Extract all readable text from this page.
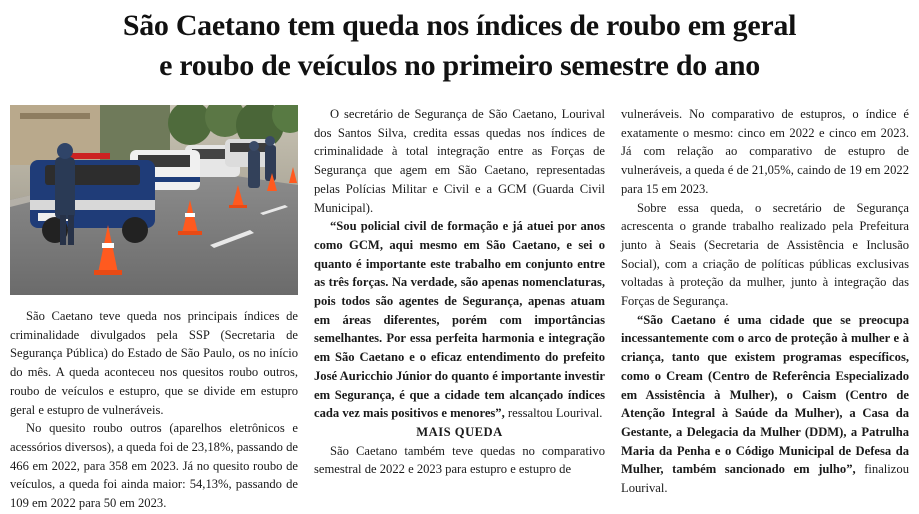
São Caetano tem queda nos índices de roubo em geral
e roubo de veículos no primeiro semestre do ano

São Caetano teve queda nos principais índices de criminalidade divulgados pela SSP (Secretaria de Segurança Pública) do Estado de São Paulo, os no início do mês. A queda aconteceu nos quesitos roubo outros, roubo de veículos e estupro, que se divide em estupro geral e estupro de vulneráveis.

No quesito roubo outros (aparelhos eletrônicos e acessórios diversos), a queda foi de 23,18%, passando de 466 em 2022, para 358 em 2023. Já no quesito roubo de veículos, a queda foi ainda maior: 54,13%, passando de 109 em 2022 para 50 em 2023.

O secretário de Segurança de São Caetano, Lourival dos Santos Silva, credita essas quedas nos índices de criminalidade à total integração entre as Forças de Segurança que agem em São Caetano, representadas pelas Polícias Militar e Civil e a GCM (Guarda Civil Municipal).

“Sou policial civil de formação e já atuei por anos como GCM, aqui mesmo em São Caetano, e sei o quanto é importante este trabalho em conjunto entre as três forças. Na verdade, são apenas nomenclaturas, pois todos são agentes de Segurança, apenas atuam em áreas diferentes, porém com importâncias semelhantes. Por essa perfeita harmonia e integração em São Caetano e o eficaz entendimento do prefeito José Auricchio Júnior do quanto é importante investir em Segurança, é que a cidade tem alcançado índices cada vez mais positivos e menores”, ressaltou Lourival.

MAIS QUEDA

São Caetano também teve quedas no comparativo semestral de 2022 e 2023 para estupro e estupro de

vulneráveis. No comparativo de estupros, o índice é exatamente o mesmo: cinco em 2022 e cinco em 2023. Já com relação ao comparativo de estupro de vulneráveis, a queda é de 21,05%, caindo de 19 em 2022 para 15 em 2023.

Sobre essa queda, o secretário de Segurança acrescenta o grande trabalho realizado pela Prefeitura junto à Seais (Secretaria de Assistência e Inclusão Social), com a criação de políticas públicas exclusivas voltadas à proteção da mulher, junto à integração das Forças de Segurança.

“São Caetano é uma cidade que se preocupa incessantemente com o arco de proteção à mulher e à criança, tanto que existem programas específicos, como o Cream (Centro de Referência Especializado em Assistência à Mulher), o Caism (Centro de Atenção Integral à Saúde da Mulher), a Casa da Gestante, a Delegacia da Mulher (DDM), a Patrulha Maria da Penha e o Código Municipal de Defesa da Mulher, também sancionado em julho”, finalizou Lourival.
